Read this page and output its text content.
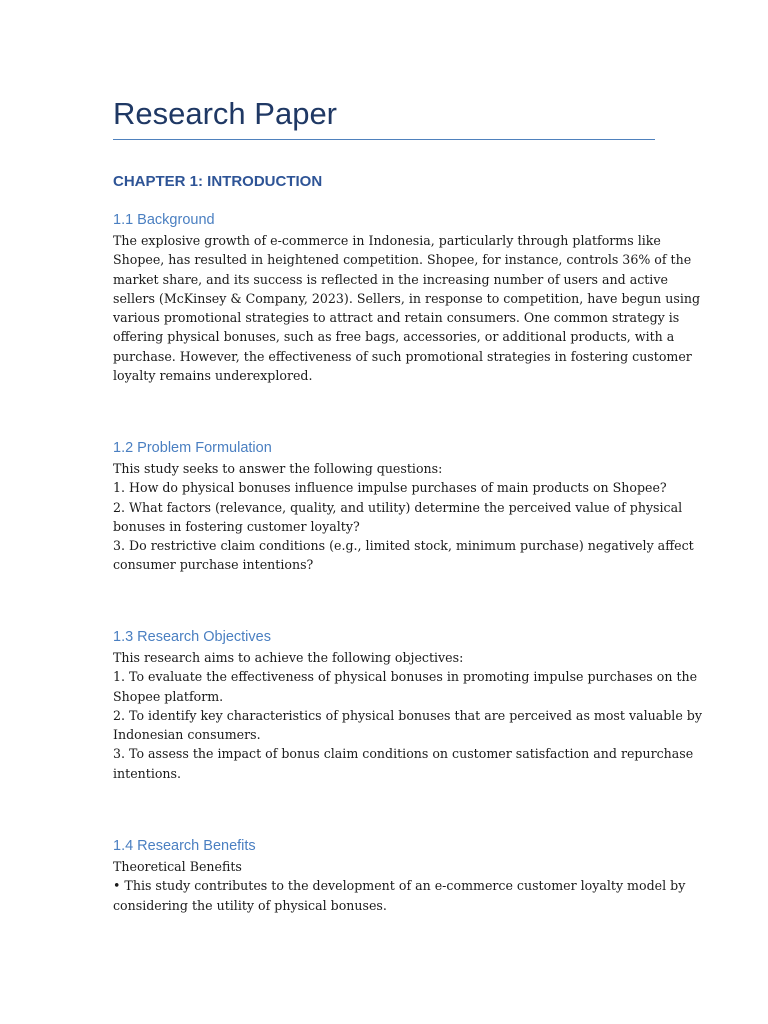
Research Paper
CHAPTER 1: INTRODUCTION
1.1 Background
The explosive growth of e-commerce in Indonesia, particularly through platforms like
Shopee, has resulted in heightened competition. Shopee, for instance, controls 36% of the
market share, and its success is reflected in the increasing number of users and active
sellers (McKinsey & Company, 2023). Sellers, in response to competition, have begun using
various promotional strategies to attract and retain consumers. One common strategy is
offering physical bonuses, such as free bags, accessories, or additional products, with a
purchase. However, the effectiveness of such promotional strategies in fostering customer
loyalty remains underexplored.
1.2 Problem Formulation
This study seeks to answer the following questions:
1. How do physical bonuses influence impulse purchases of main products on Shopee?
2. What factors (relevance, quality, and utility) determine the perceived value of physical
bonuses in fostering customer loyalty?
3. Do restrictive claim conditions (e.g., limited stock, minimum purchase) negatively affect
consumer purchase intentions?
1.3 Research Objectives
This research aims to achieve the following objectives:
1. To evaluate the effectiveness of physical bonuses in promoting impulse purchases on the
Shopee platform.
2. To identify key characteristics of physical bonuses that are perceived as most valuable by
Indonesian consumers.
3. To assess the impact of bonus claim conditions on customer satisfaction and repurchase
intentions.
1.4 Research Benefits
Theoretical Benefits
• This study contributes to the development of an e-commerce customer loyalty model by
considering the utility of physical bonuses.
